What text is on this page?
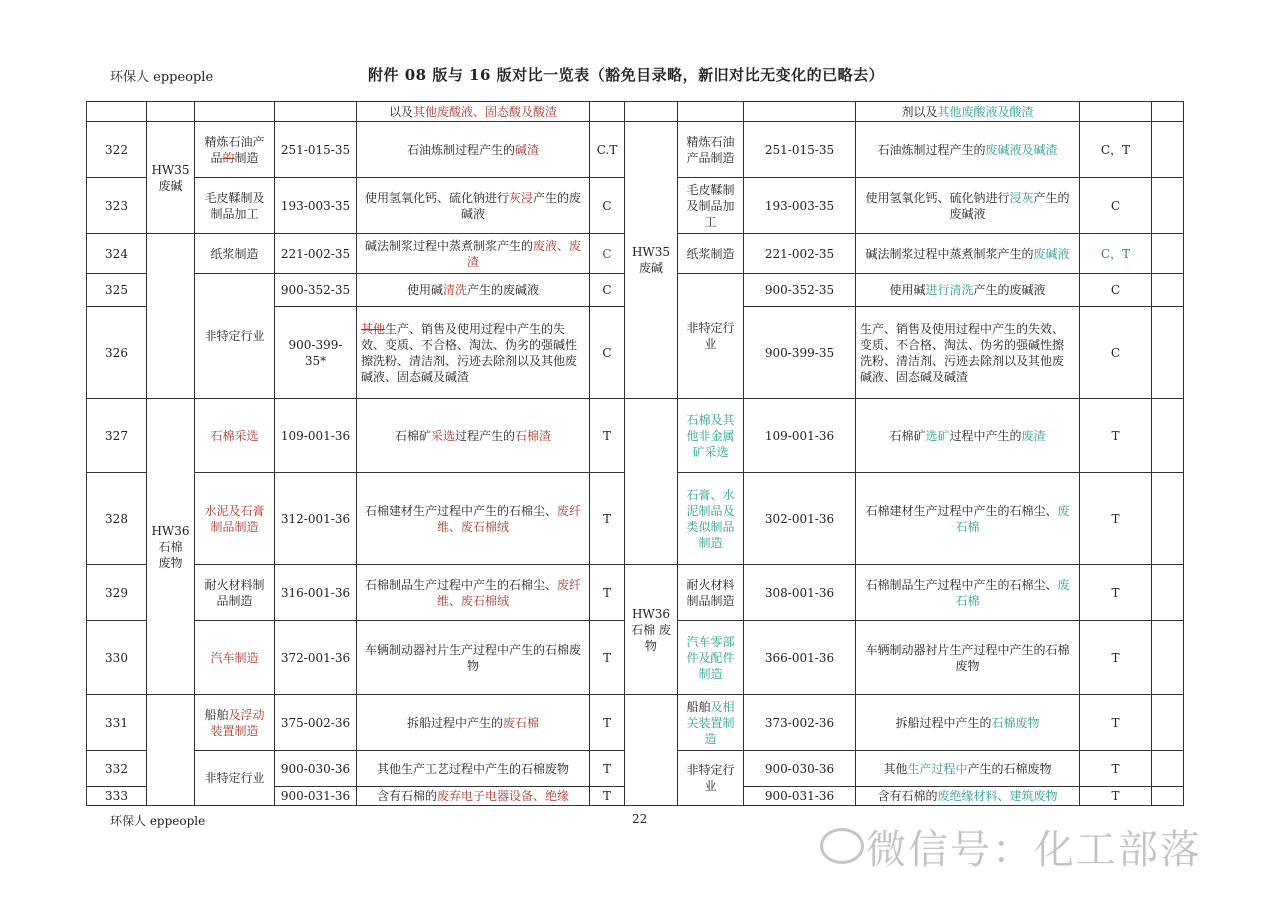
环保人 eppeople	附件 08 版与 16 版对比一览表（豁免目录略，新旧对比无变化的已略去）
				以及其他废酸液、固态酸及酸渣					剂以及其他废酸液及酸渣		
322	HW35 废碱	精炼石油产品的制造	251-015-35	石油炼制过程产生的碱渣	C.T	HW35 废碱	精炼石油产品制造	251-015-35	石油炼制过程产生的废碱液及碱渣	C，T	
323		毛皮鞣制及制品加工	193-003-35	使用氢氧化钙、硫化钠进行灰浸产生的废碱液	C		毛皮鞣制及制品加工	193-003-35	使用氢氧化钙、硫化钠进行浸灰产生的废碱液	C	
324		纸浆制造	221-002-35	碱法制浆过程中蒸煮制浆产生的废液、废渣	C		纸浆制造	221-002-35	碱法制浆过程中蒸煮制浆产生的废碱液	C，T	
325		非特定行业	900-352-35	使用碱清洗产生的废碱液	C		非特定行业	900-352-35	使用碱进行清洗产生的废碱液	C	
326			900-399-35*	其他生产、销售及使用过程中产生的失效、变质、不合格、淘汰、伪劣的强碱性擦洗粉、清洁剂、污迹去除剂以及其他废碱液、固态碱及碱渣	C			900-399-35	生产、销售及使用过程中产生的失效、变质、不合格、淘汰、伪劣的强碱性擦洗粉、清洁剂、污迹去除剂以及其他废碱液、固态碱及碱渣	C	
327	HW36 石棉 废物	石棉采选	109-001-36	石棉矿采选过程产生的石棉渣	T		石棉及其他非金属矿采选	109-001-36	石棉矿选矿过程中产生的废渣	T	
328		水泥及石膏制品制造	312-001-36	石棉建材生产过程中产生的石棉尘、废纤维、废石棉绒	T		石膏、水泥制品及类似制品制造	302-001-36	石棉建材生产过程中产生的石棉尘、废石棉	T	
329		耐火材料制品制造	316-001-36	石棉制品生产过程中产生的石棉尘、废纤维、废石棉绒	T	HW36 石棉 废物	耐火材料制品制造	308-001-36	石棉制品生产过程中产生的石棉尘、废石棉	T	
330		汽车制造	372-001-36	车辆制动器衬片生产过程中产生的石棉废物	T		汽车零部件及配件制造	366-001-36	车辆制动器衬片生产过程中产生的石棉废物	T	
331		船舶及浮动装置制造	375-002-36	拆船过程中产生的废石棉	T		船舶及相关装置制造	373-002-36	拆船过程中产生的石棉废物	T	
332		非特定行业	900-030-36	其他生产工艺过程中产生的石棉废物	T		非特定行业	900-030-36	其他生产过程中产生的石棉废物	T	
333			900-031-36	含有石棉的废弃电子电器设备、绝缘	T			900-031-36	含有石棉的废绝缘材料、建筑废物	T	
环保人 eppeople	22
微信号：化工部落
